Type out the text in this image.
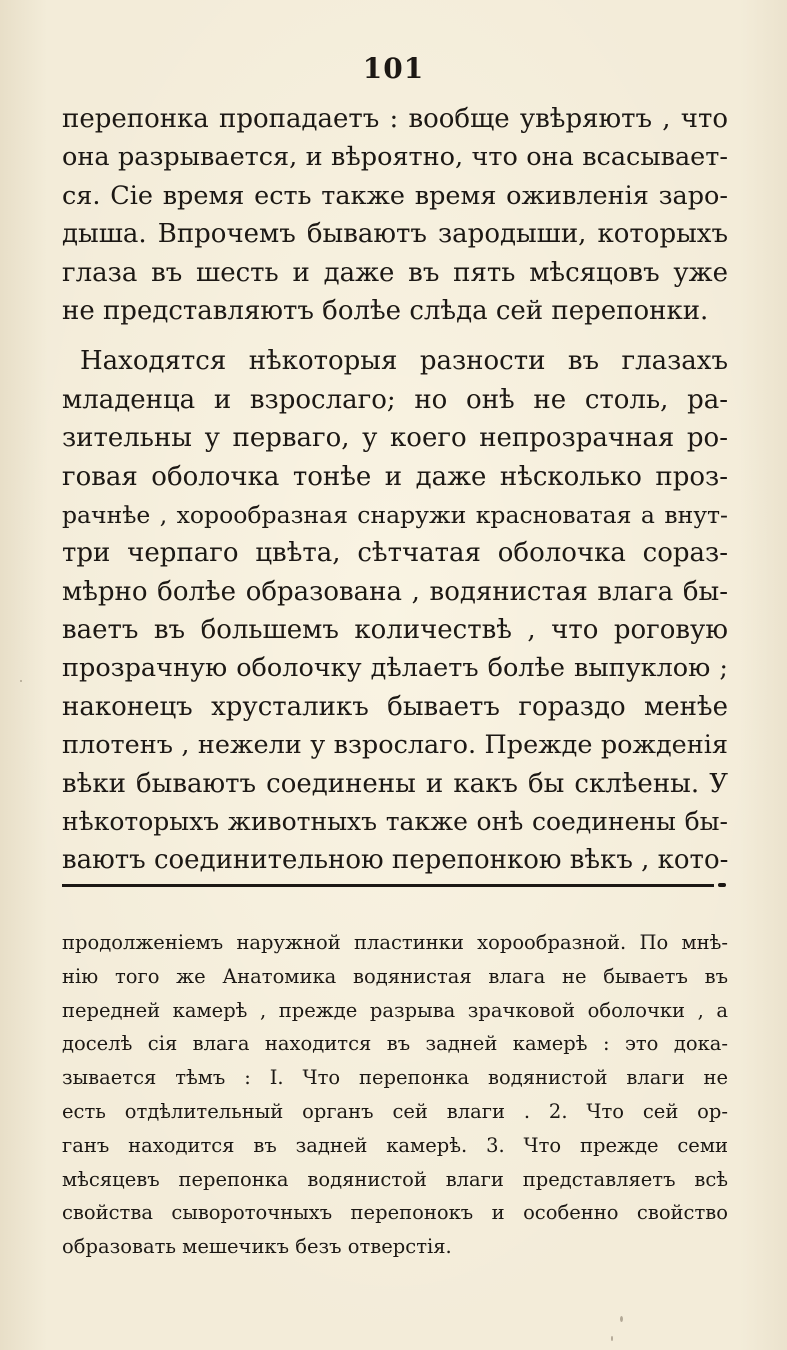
101
перепонка пропадаетъ : вообще увѣряютъ , что
она разрывается, и вѣроятно, что она всасывает-
ся. Сіе время есть также время оживленія заро-
дыша. Впрочемъ бываютъ зародыши, которыхъ
глаза въ шесть и даже въ пять мѣсяцовъ уже
не представляютъ болѣе слѣда сей перепонки.
Находятся нѣкоторыя разности въ глазахъ
младенца и взрослаго; но онѣ не столь, ра-
зительны у перваго, у коего непрозрачная ро-
говая оболочка тонѣе и даже нѣсколько проз-
рачнѣе , хорообразная снаружи красноватая а внут-
три черпаго цвѣта, сѣтчатая оболочка сораз-
мѣрно болѣе образована , водянистая влага бы-
ваетъ въ большемъ количествѣ , что роговую
прозрачную оболочку дѣлаетъ болѣе выпуклою ;
наконецъ хрусталикъ бываетъ гораздо менѣе
плотенъ , нежели у взрослаго. Прежде рожденія
вѣки бываютъ соединены и какъ бы склѣены. У
нѣкоторыхъ животныхъ также онѣ соединены бы-
ваютъ соединительною перепонкою вѣкъ , кото-
продолженіемъ наружной пластинки хорообразной. По мнѣ-
нію того же Анатомика водянистая влага не бываетъ въ
передней камерѣ , прежде разрыва зрачковой оболочки , а
доселѣ сія влага находится въ задней камерѣ : это дока-
зывается тѣмъ : I. Что перепонка водянистой влаги не
есть отдѣлительный органъ сей влаги . 2. Что сей ор-
ганъ находится въ задней камерѣ. 3. Что прежде семи
мѣсяцевъ перепонка водянистой влаги представляетъ всѣ
свойства сывороточныхъ перепонокъ и особенно свойство
образовать мешечикъ безъ отверстія.
